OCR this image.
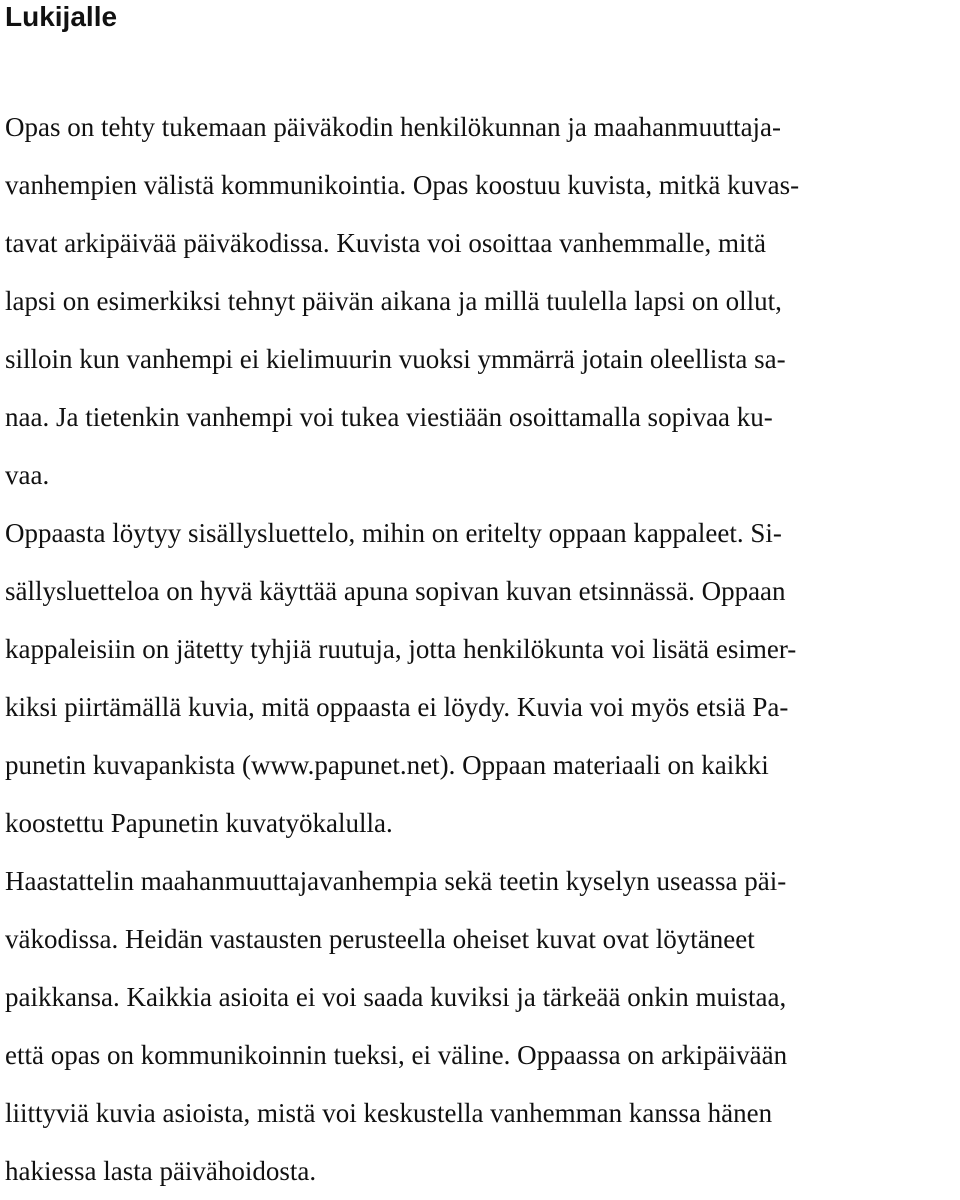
Lukijalle
Opas on tehty tukemaan päiväkodin henkilökunnan ja maahanmuuttaja-
vanhempien välistä kommunikointia. Opas koostuu kuvista, mitkä kuvas-
tavat arkipäivää päiväkodissa. Kuvista voi osoittaa vanhemmalle, mitä
lapsi on esimerkiksi tehnyt päivän aikana ja millä tuulella lapsi on ollut,
silloin kun vanhempi ei kielimuurin vuoksi ymmärrä jotain oleellista sa-
naa. Ja tietenkin vanhempi voi tukea viestiään osoittamalla sopivaa ku-
vaa.
Oppaasta löytyy sisällysluettelo, mihin on eritelty oppaan kappaleet. Si-
sällysluetteloa on hyvä käyttää apuna sopivan kuvan etsinnässä. Oppaan
kappaleisiin on jätetty tyhjiä ruutuja, jotta henkilökunta voi lisätä esimer-
kiksi piirtämällä kuvia, mitä oppaasta ei löydy. Kuvia voi myös etsiä Pa-
punetin kuvapankista (www.papunet.net). Oppaan materiaali on kaikki
koostettu Papunetin kuvatyökalulla.
Haastattelin maahanmuuttajavanhempia sekä teetin kyselyn useassa päi-
väkodissa. Heidän vastausten perusteella oheiset kuvat ovat löytäneet
paikkansa. Kaikkia asioita ei voi saada kuviksi ja tärkeää onkin muistaa,
että opas on kommunikoinnin tueksi, ei väline. Oppaassa on arkipäivään
liittyviä kuvia asioista, mistä voi keskustella vanhemman kanssa hänen
hakiessa lasta päivähoidosta.
